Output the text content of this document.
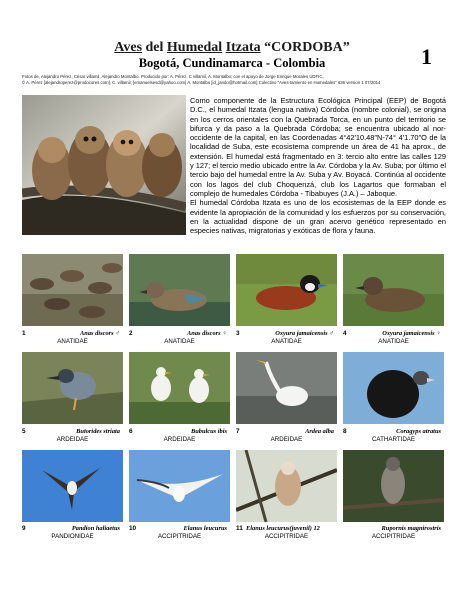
Aves del Humedal Itzata “CORDOBA”
Bogotá, Cundinamarca - Colombia	1
Fotos de, Alejandro Pérez, César villamil, Alejandro Montalbo. Producido por: A. Pérez, C villamil, A. Montalbo; con el apoyo de Jorge Enrique Morales UDFIC,
© A. Pérez [alejandroperez@prodocores.com], C. villamil, [emanuelsesd@yahoo.com] A. Montalbo [id_jando@hotmail.com] Colectivo “Aves-tamiento en Humedales” 636 version 1 07/2014

Como componente de la Estructura Ecológica Principal (EEP) de Bogotá D.C., el humedal Itzata (lengua nativa) Córdoba (nombre colonial), se origina en los cerros orientales con la Quebrada Torca, en un punto del territorio se bifurca y da paso a la Quebrada Córdoba; se encuentra ubicado al nor-occidente de la capital, en las Coordenadas 4°42′10.48″N-74° 4′1.70″O de la localidad de Suba, este ecosistema comprende un área de 41 ha aprox., de extensión. El humedal está fragmentado en 3: tercio alto entre las calles 129 y 127; el tercio medio ubicado entre la Av. Córdoba y la Av. Suba; por último el tercio bajo del humedal entre la Av. Suba y Av. Boyacá. Continúa al occidente con los lagos del club Choquenzá, club los Lagartos que formaban el complejo de humedales Córdoba - Tibabuyes (J.A.) – Jaboque.

El humedal Córdoba Itzata es uno de los ecosistemas de la EEP donde es evidente la apropiación de la comunidad y los esfuerzos por su conservación, en la actualidad dispone de un gran acervo genético representado en especies nativas, migratorias y exóticas de flora y fauna.

1	Anas discors ♂
ANATIDAE
2	Anas discors ♀
ANATIDAE
3	Oxyura jamaicensis ♂
ANATIDAE
4	Oxyura jamaicensis ♀
ANATIDAE
5	Butorides striata
ARDEIDAE
6	Bubulcus ibis
ARDEIDAE
7	Ardea alba
ARDEIDAE
8	Coragyps atratus
CATHARTIDAE
9	Pandion haliaetus
PANDIONIDAE
10	Elanus leucurus
ACCIPITRIDAE
11 Elanus leucurus(juvenil) 12
ACCIPITRIDAE
Rupornis magnirostris
ACCIPITRIDAE
